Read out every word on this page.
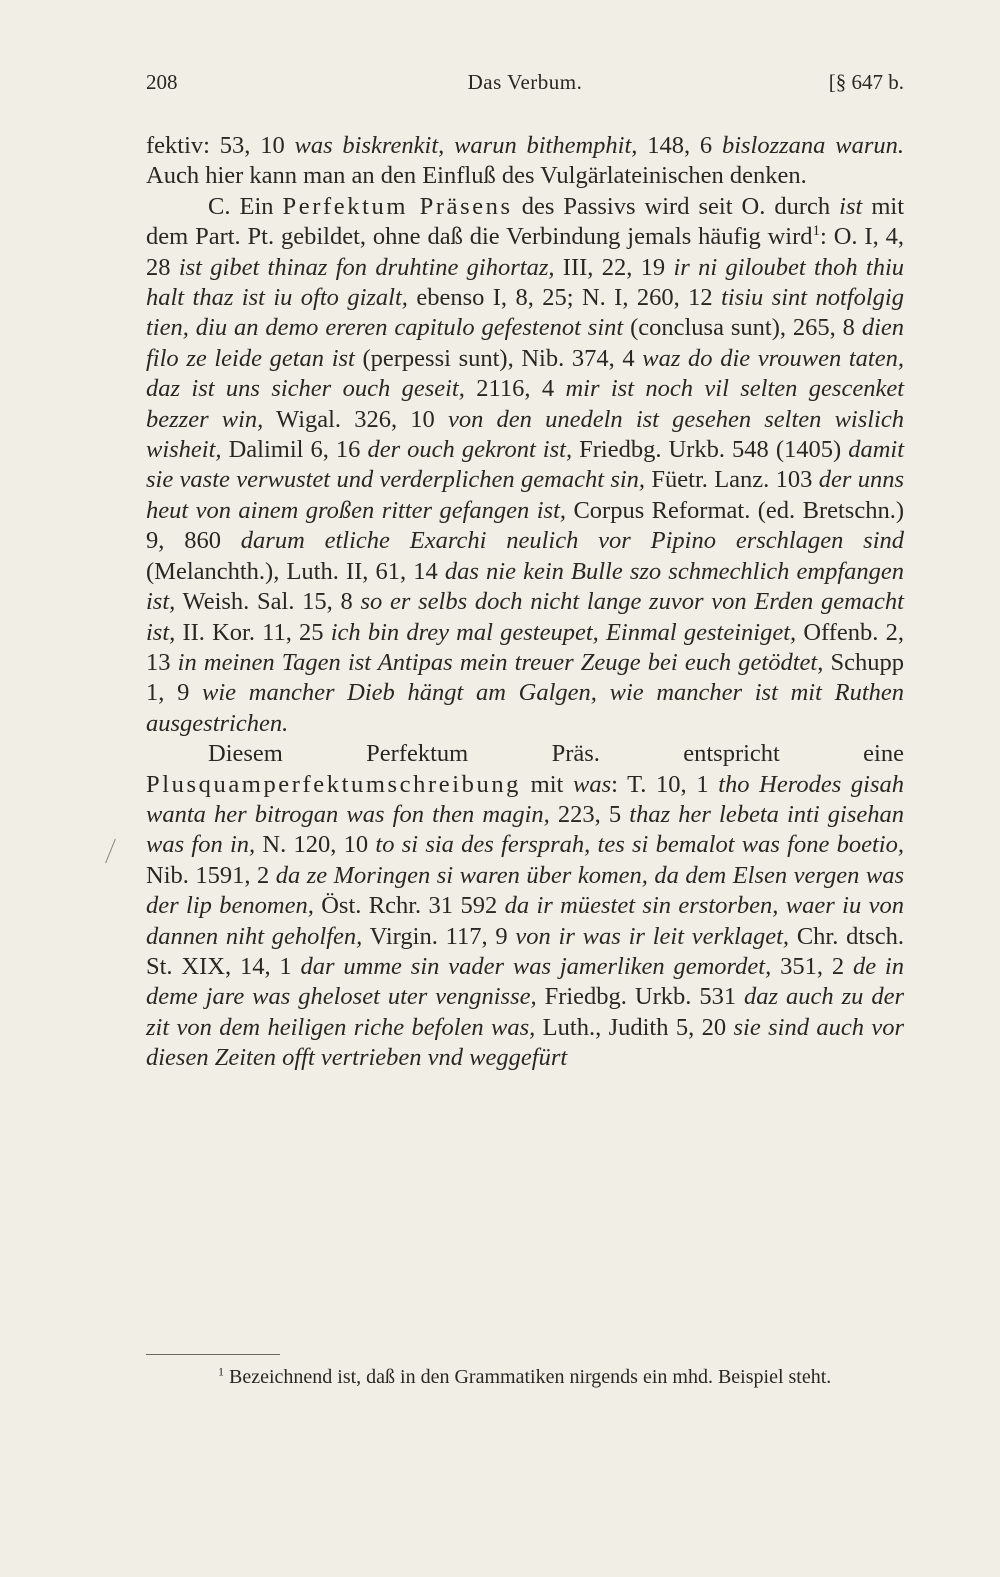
208	Das Verbum.	[§ 647 b.

fektiv: 53, 10 was biskrenkit, warun bithemphit, 148, 6 bislozzana warun. Auch hier kann man an den Einfluß des Vulgärlateinischen denken.

C. Ein Perfektum Präsens des Passivs wird seit O. durch ist mit dem Part. Pt. gebildet, ohne daß die Verbindung jemals häufig wird$^1$: O. I, 4, 28 ist gibet thinaz fon druhtine gihortaz, III, 22, 19 ir ni giloubet thoh thiu halt thaz ist iu ofto gizalt, ebenso I, 8, 25; N. I, 260, 12 tisiu sint notfolgig tien, diu an demo ereren capitulo gefestenot sint (conclusa sunt), 265, 8 dien filo ze leide getan ist (perpessi sunt), Nib. 374, 4 waz do die vrouwen taten, daz ist uns sicher ouch geseit, 2116, 4 mir ist noch vil selten gescenket bezzer win, Wigal. 326, 10 von den unedeln ist gesehen selten wislich wisheit, Dalimil 6, 16 der ouch gekront ist, Friedbg. Urkb. 548 (1405) damit sie vaste verwustet und verderplichen gemacht sin, Füetr. Lanz. 103 der unns heut von ainem großen ritter gefangen ist, Corpus Reformat. (ed. Bretschn.) 9, 860 darum etliche Exarchi neulich vor Pipino erschlagen sind (Melanchth.), Luth. II, 61, 14 das nie kein Bulle szo schmechlich empfangen ist, Weish. Sal. 15, 8 so er selbs doch nicht lange zuvor von Erden gemacht ist, II. Kor. 11, 25 ich bin drey mal gesteupet, Einmal gesteiniget, Offenb. 2, 13 in meinen Tagen ist Antipas mein treuer Zeuge bei euch getödtet, Schupp 1, 9 wie mancher Dieb hängt am Galgen, wie mancher ist mit Ruthen ausgestrichen.

Diesem Perfektum Präs. entspricht eine Plusquamperfektumschreibung mit was: T. 10, 1 tho Herodes gisah wanta her bitrogan was fon then magin, 223, 5 thaz her lebeta inti gisehan was fon in, N. 120, 10 to si sia des fersprah, tes si bemalot was fone boetio, Nib. 1591, 2 da ze Moringen si waren über komen, da dem Elsen vergen was der lip benomen, Öst. Rchr. 31 592 da ir müestet sin erstorben, waer iu von dannen niht geholfen, Virgin. 117, 9 von ir was ir leit verklaget, Chr. dtsch. St. XIX, 14, 1 dar umme sin vader was jamerliken gemordet, 351, 2 de in deme jare was gheloset uter vengnisse, Friedbg. Urkb. 531 daz auch zu der zit von dem heiligen riche befolen was, Luth., Judith 5, 20 sie sind auch vor diesen Zeiten offt vertrieben vnd weggefürt

$^1$ Bezeichnend ist, daß in den Grammatiken nirgends ein mhd. Beispiel steht.
